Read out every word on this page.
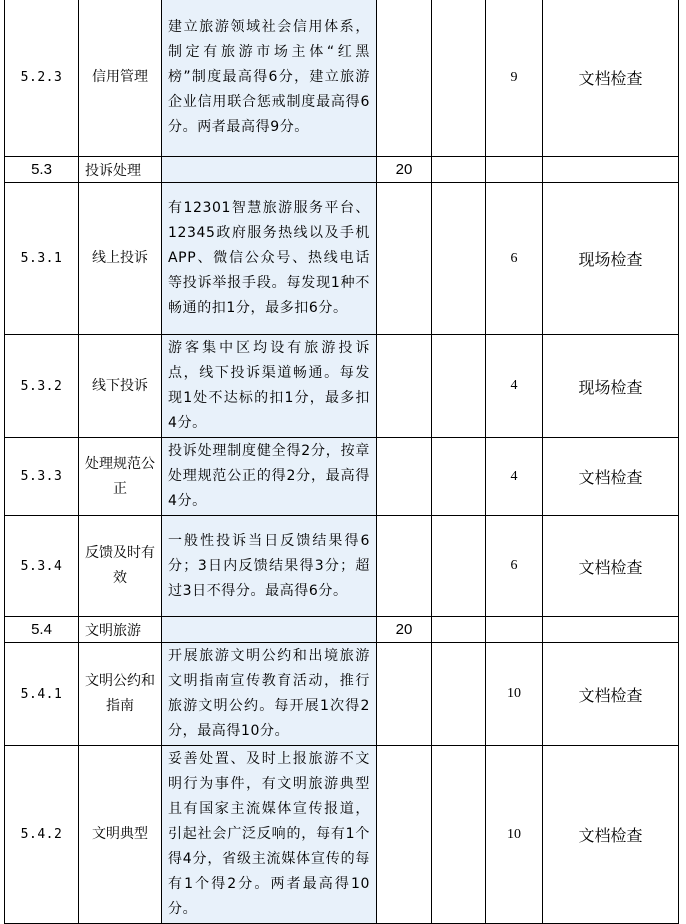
5.2.3	信用管理	建立旅游领域社会信用体系，制定有旅游市场主体“红黑榜”制度最高得6分，建立旅游企业信用联合惩戒制度最高得6分。两者最高得9分。			9	文档检查
5.3	投诉处理		20			
5.3.1	线上投诉	有12301智慧旅游服务平台、12345政府服务热线以及手机APP、微信公众号、热线电话等投诉举报手段。每发现1种不畅通的扣1分，最多扣6分。			6	现场检查
5.3.2	线下投诉	游客集中区均设有旅游投诉点，线下投诉渠道畅通。每发现1处不达标的扣1分，最多扣4分。			4	现场检查
5.3.3	处理规范公正	投诉处理制度健全得2分，按章处理规范公正的得2分，最高得4分。			4	文档检查
5.3.4	反馈及时有效	一般性投诉当日反馈结果得6分；3日内反馈结果得3分；超过3日不得分。最高得6分。			6	文档检查
5.4	文明旅游		20			
5.4.1	文明公约和指南	开展旅游文明公约和出境旅游文明指南宣传教育活动，推行旅游文明公约。每开展1次得2分，最高得10分。			10	文档检查
5.4.2	文明典型	妥善处置、及时上报旅游不文明行为事件，有文明旅游典型且有国家主流媒体宣传报道，引起社会广泛反响的，每有1个得4分，省级主流媒体宣传的每有1个得2分。两者最高得10分。			10	文档检查
